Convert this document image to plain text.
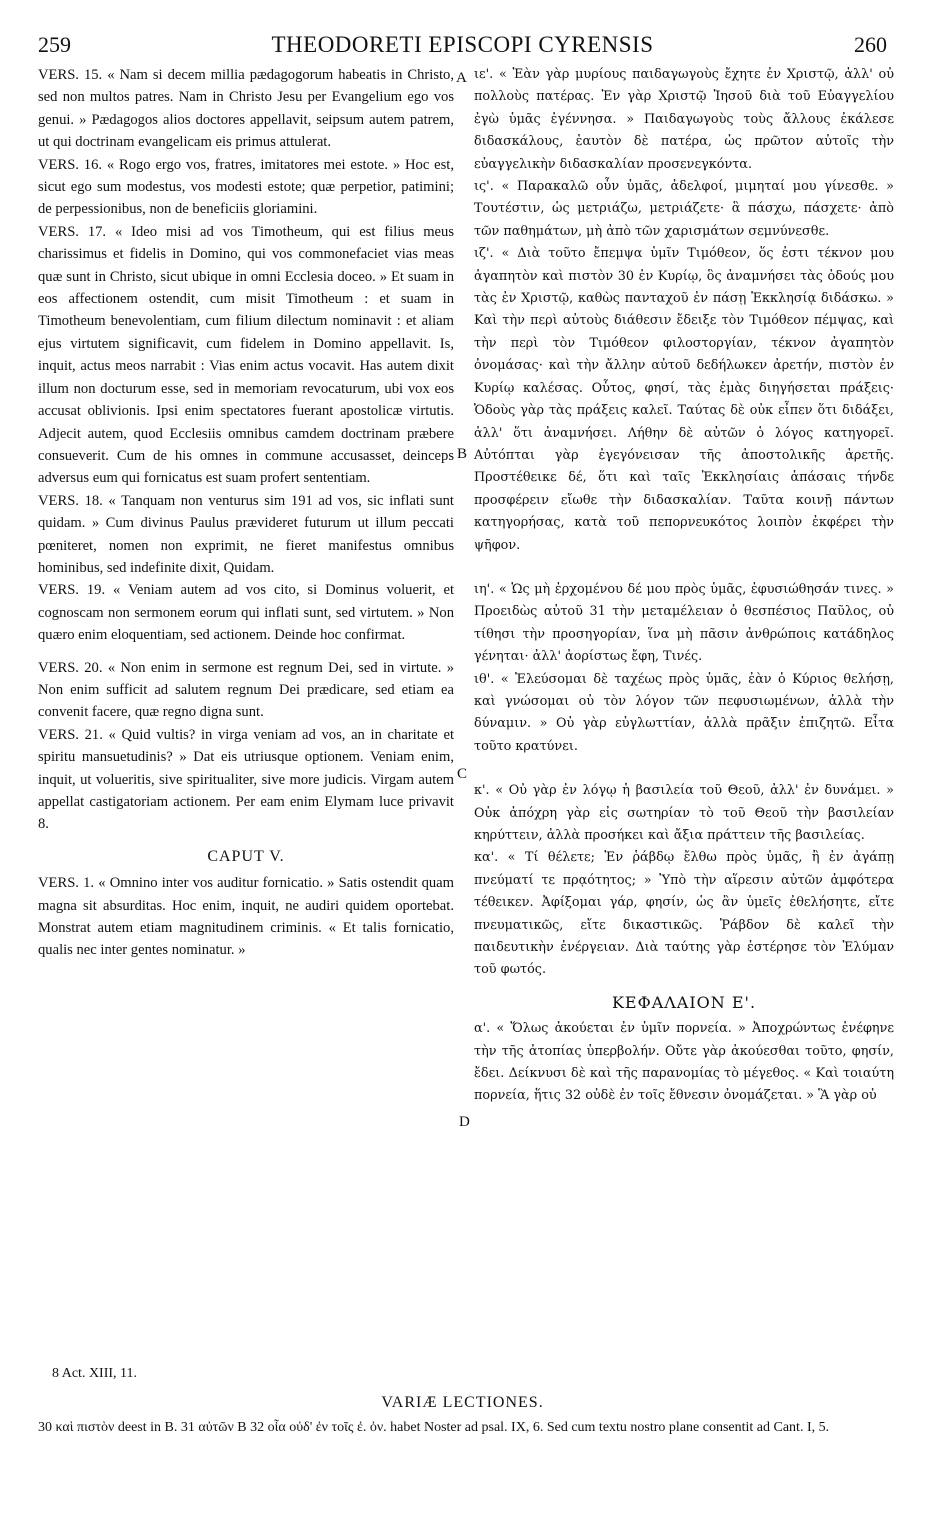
259	THEODORETI EPISCOPI CYRENSIS	260

VERS. 15. « Nam si decem millia pædagogorum habeatis in Christo, sed non multos patres. Nam in Christo Jesu per Evangelium ego vos genui. » Pædagogos alios doctores appellavit, seipsum autem patrem, ut qui doctrinam evangelicam eis primus attulerat.

VERS. 16. « Rogo ergo vos, fratres, imitatores mei estote. » Hoc est, sicut ego sum modestus, vos modesti estote; quæ perpetior, patimini; de perpessionibus, non de beneficiis gloriamini.

VERS. 17. « Ideo misi ad vos Timotheum, qui est filius meus charissimus et fidelis in Domino, qui vos commonefaciet vias meas quæ sunt in Christo, sicut ubique in omni Ecclesia doceo. » Et suam in eos affectionem ostendit, cum misit Timotheum : et suam in Timotheum benevolentiam, cum filium dilectum nominavit : et aliam ejus virtutem significavit, cum fidelem in Domino appellavit. Is, inquit, actus meos narrabit : Vias enim actus vocavit. Has autem dixit illum non docturum esse, sed in memoriam revocaturum, ubi vox eos accusat oblivionis. Ipsi enim spectatores fuerant apostolicæ virtutis. Adjecit autem, quod Ecclesiis omnibus camdem doctrinam præbere consueverit. Cum de his omnes in commune accusasset, deinceps adversus eum qui fornicatus est suam profert sententiam.

VERS. 18. « Tanquam non venturus sim 191 ad vos, sic inflati sunt quidam. » Cum divinus Paulus prævideret futurum ut illum peccati pœniteret, nomen non exprimit, ne fieret manifestus omnibus hominibus, sed indefinite dixit, Quidam.

VERS. 19. « Veniam autem ad vos cito, si Dominus voluerit, et cognoscam non sermonem eorum qui inflati sunt, sed virtutem. » Non quæro enim eloquentiam, sed actionem. Deinde hoc confirmat.

VERS. 20. « Non enim in sermone est regnum Dei, sed in virtute. » Non enim sufficit ad salutem regnum Dei prædicare, sed etiam ea convenit facere, quæ regno digna sunt.

VERS. 21. « Quid vultis? in virga veniam ad vos, an in charitate et spiritu mansuetudinis? » Dat eis utriusque optionem. Veniam enim, inquit, ut volueritis, sive spiritualiter, sive more judicis. Virgam autem appellat castigatoriam actionem. Per eam enim Elymam luce privavit 8.

CAPUT V.

VERS. 1. « Omnino inter vos auditur fornicatio. » Satis ostendit quam magna sit absurditas. Hoc enim, inquit, ne audiri quidem oportebat. Monstrat autem etiam magnitudinem criminis. « Et talis fornicatio, qualis nec inter gentes nominatur. »

ιε'. « Ἐὰν γὰρ μυρίους παιδαγωγοὺς ἔχητε ἐν Χριστῷ, ἀλλ' οὐ πολλοὺς πατέρας. Ἐν γὰρ Χριστῷ Ἰησοῦ διὰ τοῦ Εὐαγγελίου ἐγὼ ὑμᾶς ἐγέννησα. » Παιδαγωγοὺς τοὺς ἄλλους ἐκάλεσε διδασκάλους, ἑαυτὸν δὲ πατέρα, ὡς πρῶτον αὐτοῖς τὴν εὐαγγελικὴν διδασκαλίαν προσενεγκόντα.

ις'. « Παρακαλῶ οὖν ὑμᾶς, ἀδελφοί, μιμηταί μου γίνεσθε. » Τουτέστιν, ὡς μετριάζω, μετριάζετε· ἃ πάσχω, πάσχετε· ἀπὸ τῶν παθημάτων, μὴ ἀπὸ τῶν χαρισμάτων σεμνύνεσθε.

ιζ'. « Διὰ τοῦτο ἔπεμψα ὑμῖν Τιμόθεον, ὅς ἐστι τέκνον μου ἀγαπητὸν καὶ πιστὸν 30 ἐν Κυρίῳ, ὃς ἀναμνήσει τὰς ὁδούς μου τὰς ἐν Χριστῷ, καθὼς πανταχοῦ ἐν πάσῃ Ἐκκλησίᾳ διδάσκω. » Καὶ τὴν περὶ αὐτοὺς διάθεσιν ἔδειξε τὸν Τιμόθεον πέμψας, καὶ τὴν περὶ τὸν Τιμόθεον φιλοστοργίαν, τέκνον ἀγαπητὸν ὀνομάσας· καὶ τὴν ἄλλην αὐτοῦ δεδήλωκεν ἀρετήν, πιστὸν ἐν Κυρίῳ καλέσας. Οὗτος, φησί, τὰς ἐμὰς διηγήσεται πράξεις· Ὁδοὺς γὰρ τὰς πράξεις καλεῖ. Ταύτας δὲ οὐκ εἶπεν ὅτι διδάξει, ἀλλ' ὅτι ἀναμνήσει. Λήθην δὲ αὐτῶν ὁ λόγος κατηγορεῖ. Αὐτόπται γὰρ ἐγεγόνεισαν τῆς ἀποστολικῆς ἀρετῆς. Προστέθεικε δέ, ὅτι καὶ ταῖς Ἐκκλησίαις ἁπάσαις τήνδε προσφέρειν εἴωθε τὴν διδασκαλίαν. Ταῦτα κοινῇ πάντων κατηγορήσας, κατὰ τοῦ πεπορνευκότος λοιπὸν ἐκφέρει τὴν ψῆφον.

ιη'. « Ὡς μὴ ἐρχομένου δέ μου πρὸς ὑμᾶς, ἐφυσιώθησάν τινες. » Προειδὼς αὐτοῦ 31 τὴν μεταμέλειαν ὁ θεσπέσιος Παῦλος, οὐ τίθησι τὴν προσηγορίαν, ἵνα μὴ πᾶσιν ἀνθρώποις κατάδηλος γένηται· ἀλλ' ἀορίστως ἔφη, Τινές.

ιθ'. « Ἐλεύσομαι δὲ ταχέως πρὸς ὑμᾶς, ἐὰν ὁ Κύριος θελήσῃ, καὶ γνώσομαι οὐ τὸν λόγον τῶν πεφυσιωμένων, ἀλλὰ τὴν δύναμιν. » Οὐ γὰρ εὐγλωττίαν, ἀλλὰ πρᾶξιν ἐπιζητῶ. Εἶτα τοῦτο κρατύνει.

κ'. « Οὐ γὰρ ἐν λόγῳ ἡ βασιλεία τοῦ Θεοῦ, ἀλλ' ἐν δυνάμει. » Οὐκ ἀπόχρη γὰρ εἰς σωτηρίαν τὸ τοῦ Θεοῦ τὴν βασιλείαν κηρύττειν, ἀλλὰ προσήκει καὶ ἄξια πράττειν τῆς βασιλείας.

κα'. « Τί θέλετε; Ἐν ῥάβδῳ ἔλθω πρὸς ὑμᾶς, ἢ ἐν ἀγάπῃ πνεύματί τε πρᾳότητος; » Ὑπὸ τὴν αἵρεσιν αὐτῶν ἀμφότερα τέθεικεν. Ἀφίξομαι γάρ, φησίν, ὡς ἂν ὑμεῖς ἐθελήσητε, εἴτε πνευματικῶς, εἴτε δικαστικῶς. Ῥάβδον δὲ καλεῖ τὴν παιδευτικὴν ἐνέργειαν. Διὰ ταύτης γὰρ ἐστέρησε τὸν Ἐλύμαν τοῦ φωτός.

ΚΕΦΑΛΑΙΟΝ Ε'.

α'. « Ὅλως ἀκούεται ἐν ὑμῖν πορνεία. » Ἀποχρώντως ἐνέφηνε τὴν τῆς ἀτοπίας ὑπερβολήν. Οὔτε γὰρ ἀκούεσθαι τοῦτο, φησίν, ἔδει. Δείκνυσι δὲ καὶ τῆς παρανομίας τὸ μέγεθος. « Καὶ τοιαύτη πορνεία, ἥτις 32 οὐδὲ ἐν τοῖς ἔθνεσιν ὀνομάζεται. » Ἃ γὰρ οὐ

A
B
C
D
8 Act. XIII, 11.
VARIÆ LECTIONES.
30 καὶ πιστὸν deest in B. 31 αὐτῶν B 32 οἷα οὐδ' ἐν τοῖς ἐ. ὀν. habet Noster ad psal. IX, 6. Sed cum textu nostro plane consentit ad Cant. I, 5.
